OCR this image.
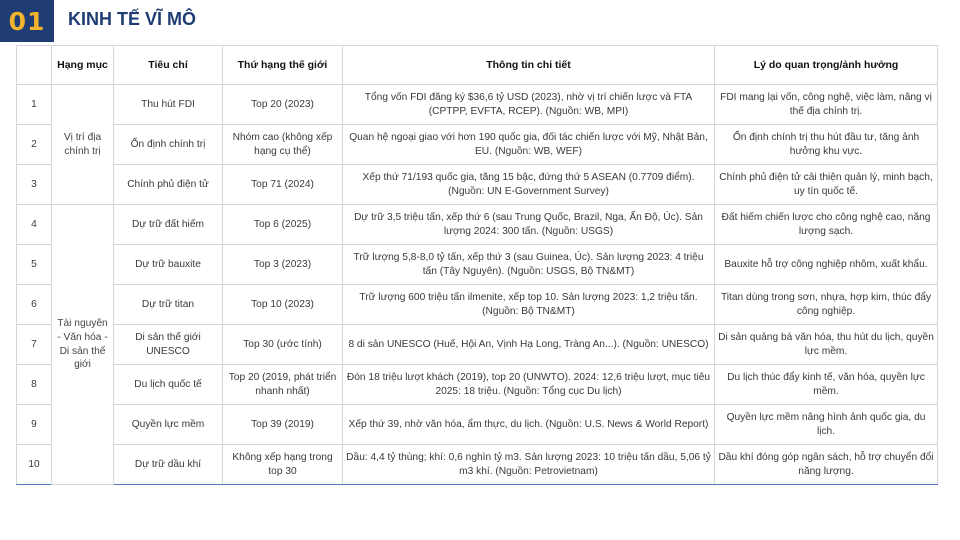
01	KINH TẾ VĨ MÔ
	Hạng mục	Tiêu chí	Thứ hạng thế giới	Thông tin chi tiết	Lý do quan trọng/ảnh hưởng
1	Vị trí địa chính trị	Thu hút FDI	Top 20 (2023)	Tổng vốn FDI đăng ký $36,6 tỷ USD (2023), nhờ vị trí chiến lược và FTA (CPTPP, EVFTA, RCEP). (Nguồn: WB, MPI)	FDI mang lại vốn, công nghệ, việc làm, nâng vị thế địa chính trị.
2		Ổn định chính trị	Nhóm cao (không xếp hạng cụ thể)	Quan hệ ngoại giao với hơn 190 quốc gia, đối tác chiến lược với Mỹ, Nhật Bản, EU. (Nguồn: WB, WEF)	Ổn định chính trị thu hút đầu tư, tăng ảnh hưởng khu vực.
3		Chính phủ điện tử	Top 71 (2024)	Xếp thứ 71/193 quốc gia, tăng 15 bậc, đứng thứ 5 ASEAN (0.7709 điểm). (Nguồn: UN E-Government Survey)	Chính phủ điện tử cải thiện quản lý, minh bạch, uy tín quốc tế.
4	Tài nguyên - Văn hóa - Di sản thế giới	Dự trữ đất hiếm	Top 6 (2025)	Dự trữ 3,5 triệu tấn, xếp thứ 6 (sau Trung Quốc, Brazil, Nga, Ấn Độ, Úc). Sản lượng 2024: 300 tấn. (Nguồn: USGS)	Đất hiếm chiến lược cho công nghệ cao, năng lượng sạch.
5		Dự trữ bauxite	Top 3 (2023)	Trữ lượng 5,8-8,0 tỷ tấn, xếp thứ 3 (sau Guinea, Úc). Sản lượng 2023: 4 triệu tấn (Tây Nguyên). (Nguồn: USGS, Bộ TN&MT)	Bauxite hỗ trợ công nghiệp nhôm, xuất khẩu.
6		Dự trữ titan	Top 10 (2023)	Trữ lượng 600 triệu tấn ilmenite, xếp top 10. Sản lượng 2023: 1,2 triệu tấn. (Nguồn: Bộ TN&MT)	Titan dùng trong sơn, nhựa, hợp kim, thúc đẩy công nghiệp.
7		Di sản thế giới UNESCO	Top 30 (ước tính)	8 di sản UNESCO (Huế, Hội An, Vịnh Hạ Long, Tràng An...). (Nguồn: UNESCO)	Di sản quảng bá văn hóa, thu hút du lịch, quyền lực mềm.
8		Du lịch quốc tế	Top 20 (2019, phát triển nhanh nhất)	Đón 18 triệu lượt khách (2019), top 20 (UNWTO). 2024: 12,6 triệu lượt, mục tiêu 2025: 18 triệu. (Nguồn: Tổng cục Du lịch)	Du lịch thúc đẩy kinh tế, văn hóa, quyền lực mềm.
9		Quyền lực mềm	Top 39 (2019)	Xếp thứ 39, nhờ văn hóa, ẩm thực, du lịch. (Nguồn: U.S. News & World Report)	Quyền lực mềm nâng hình ảnh quốc gia, du lịch.
10		Dự trữ dầu khí	Không xếp hạng trong top 30	Dầu: 4,4 tỷ thùng; khí: 0,6 nghìn tỷ m3. Sản lượng 2023: 10 triệu tấn dầu, 5,06 tỷ m3 khí. (Nguồn: Petrovietnam)	Dầu khí đóng góp ngân sách, hỗ trợ chuyển đổi năng lượng.
